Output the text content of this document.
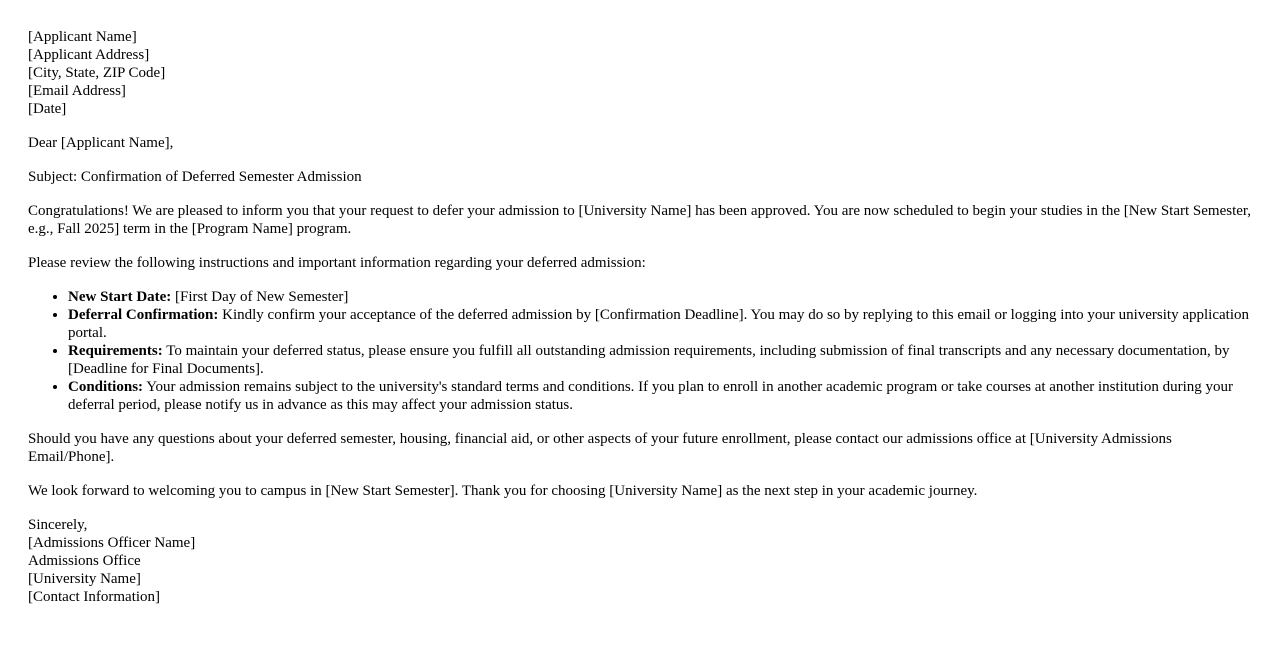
[Applicant Name]
[Applicant Address]
[City, State, ZIP Code]
[Email Address]
[Date]

Dear [Applicant Name],

Subject: Confirmation of Deferred Semester Admission

Congratulations! We are pleased to inform you that your request to defer your admission to [University Name] has been approved. You are now scheduled to begin your studies in the [New Start Semester, e.g., Fall 2025] term in the [Program Name] program.

Please review the following instructions and important information regarding your deferred admission:

• New Start Date: [First Day of New Semester]
• Deferral Confirmation: Kindly confirm your acceptance of the deferred admission by [Confirmation Deadline]. You may do so by replying to this email or logging into your university application portal.
• Requirements: To maintain your deferred status, please ensure you fulfill all outstanding admission requirements, including submission of final transcripts and any necessary documentation, by [Deadline for Final Documents].
• Conditions: Your admission remains subject to the university's standard terms and conditions. If you plan to enroll in another academic program or take courses at another institution during your deferral period, please notify us in advance as this may affect your admission status.

Should you have any questions about your deferred semester, housing, financial aid, or other aspects of your future enrollment, please contact our admissions office at [University Admissions Email/Phone].

We look forward to welcoming you to campus in [New Start Semester]. Thank you for choosing [University Name] as the next step in your academic journey.

Sincerely,
[Admissions Officer Name]
Admissions Office
[University Name]
[Contact Information]
